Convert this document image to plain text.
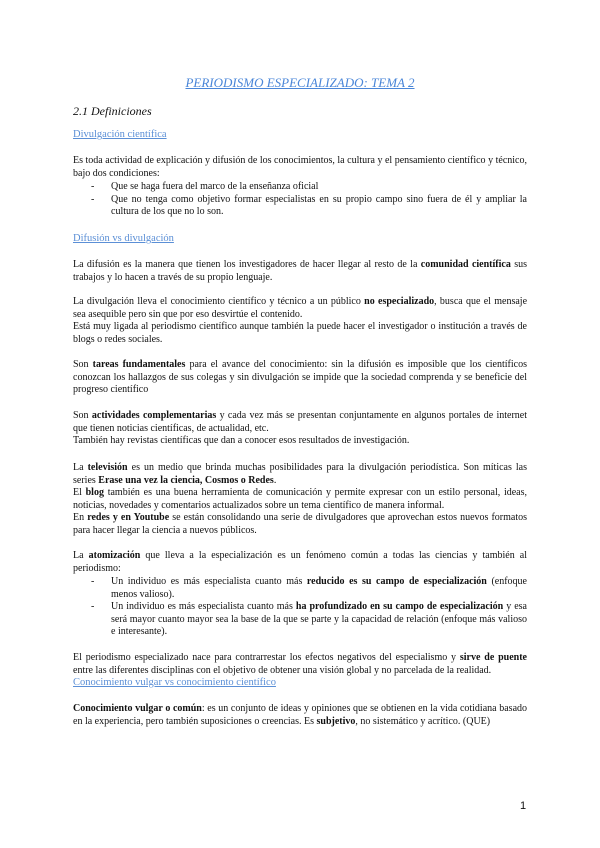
PERIODISMO ESPECIALIZADO: TEMA 2
2.1 Definiciones
Divulgación científica
Es toda actividad de explicación y difusión de los conocimientos, la cultura y el pensamiento científico y técnico, bajo dos condiciones:
-	Que se haga fuera del marco de la enseñanza oficial
-	Que no tenga como objetivo formar especialistas en su propio campo sino fuera de él y ampliar la cultura de los que no lo son.
Difusión vs divulgación
La difusión es la manera que tienen los investigadores de hacer llegar al resto de la comunidad científica sus trabajos y lo hacen a través de su propio lenguaje.
La divulgación lleva el conocimiento científico y técnico a un público no especializado, busca que el mensaje sea asequible pero sin que por eso desvirtúe el contenido.
Está muy ligada al periodismo científico aunque también la puede hacer el investigador o institución a través de blogs o redes sociales.
Son tareas fundamentales para el avance del conocimiento: sin la difusión es imposible que los científicos conozcan los hallazgos de sus colegas y sin divulgación se impide que la sociedad comprenda y se beneficie del progreso científico
Son actividades complementarias y cada vez más se presentan conjuntamente en algunos portales de internet que tienen noticias científicas, de actualidad, etc.
También hay revistas científicas que dan a conocer esos resultados de investigación.
La televisión es un medio que brinda muchas posibilidades para la divulgación periodística. Son míticas las series Erase una vez la ciencia, Cosmos o Redes.
El blog también es una buena herramienta de comunicación y permite expresar con un estilo personal, ideas, noticias, novedades y comentarios actualizados sobre un tema científico de manera informal.
En redes y en Youtube se están consolidando una serie de divulgadores que aprovechan estos nuevos formatos para hacer llegar la ciencia a nuevos públicos.
La atomización que lleva a la especialización es un fenómeno común a todas las ciencias y también al periodismo:
-	Un individuo es más especialista cuanto más reducido es su campo de especialización (enfoque menos valioso).
-	Un individuo es más especialista cuanto más ha profundizado en su campo de especialización y esa será mayor cuanto mayor sea la base de la que se parte y la capacidad de relación (enfoque más valioso e interesante).
El periodismo especializado nace para contrarrestar los efectos negativos del especialismo y sirve de puente entre las diferentes disciplinas con el objetivo de obtener una visión global y no parcelada de la realidad.
Conocimiento vulgar vs conocimiento científico
Conocimiento vulgar o común: es un conjunto de ideas y opiniones que se obtienen en la vida cotidiana basado en la experiencia, pero también suposiciones o creencias. Es subjetivo, no sistemático y acrítico. (QUE)
1
